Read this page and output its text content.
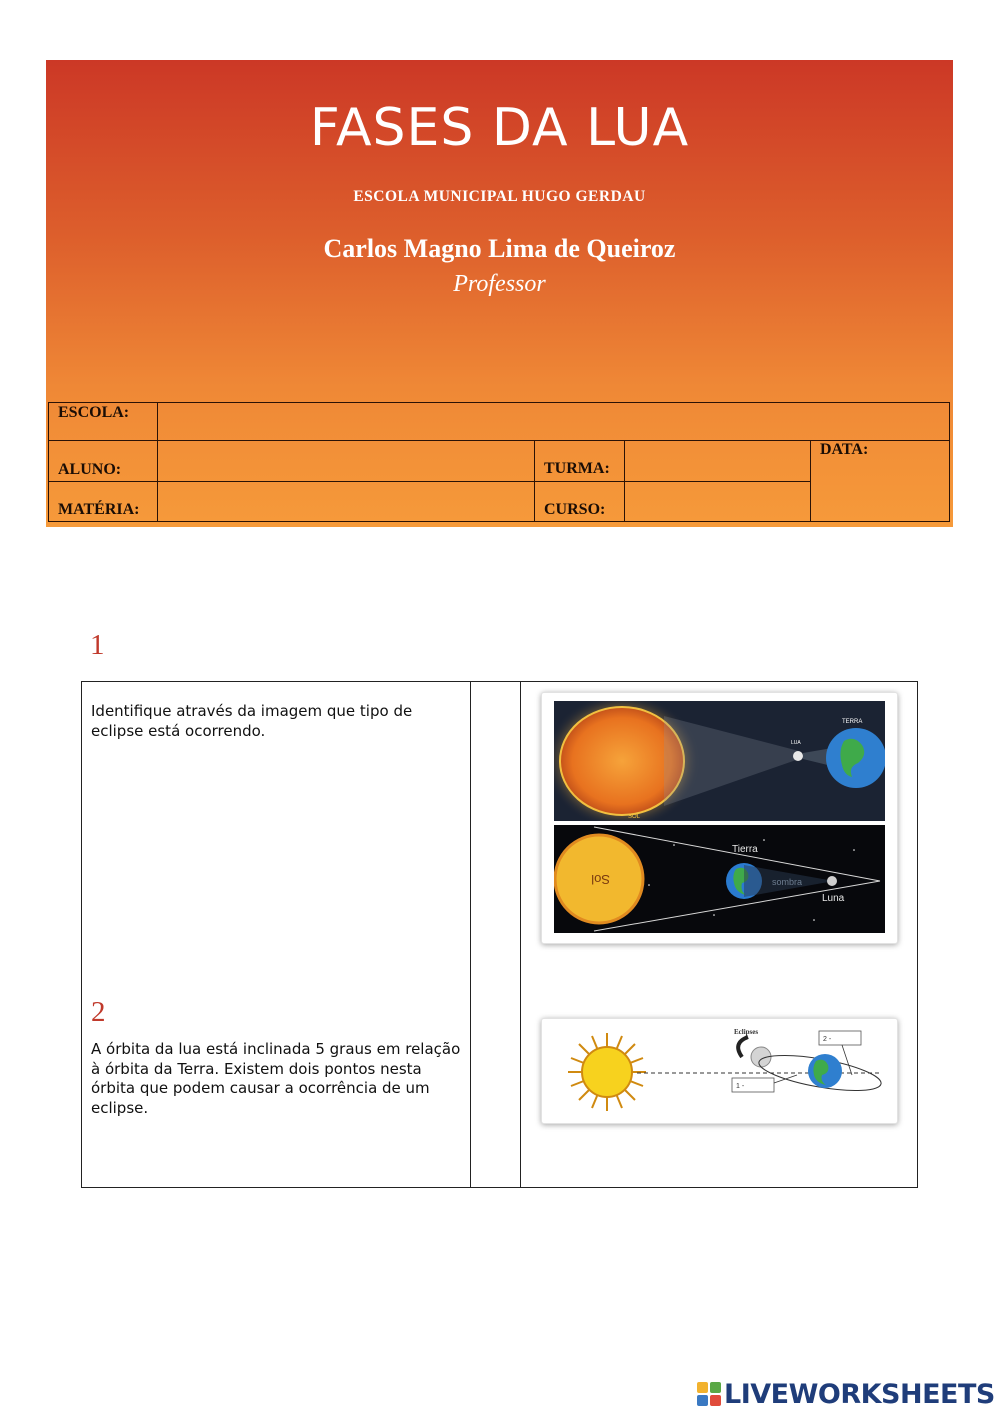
FASES DA LUA
ESCOLA MUNICIPAL HUGO GERDAU
Carlos Magno Lima de Queiroz
Professor
ESCOLA:
ALUNO:	TURMA:
DATA:
MATÉRIA:	CURSO:
1
Identifique através da imagem que tipo de eclipse está ocorrendo.
2
A órbita da lua está inclinada 5 graus em relação à órbita da Terra. Existem dois pontos nesta órbita que podem causar a ocorrência de um eclipse.
TERRA
LUA
SOL
Sol
Tierra
sombra
Luna
Eclipses
2 -
1 -
LIVEWORKSHEETS
